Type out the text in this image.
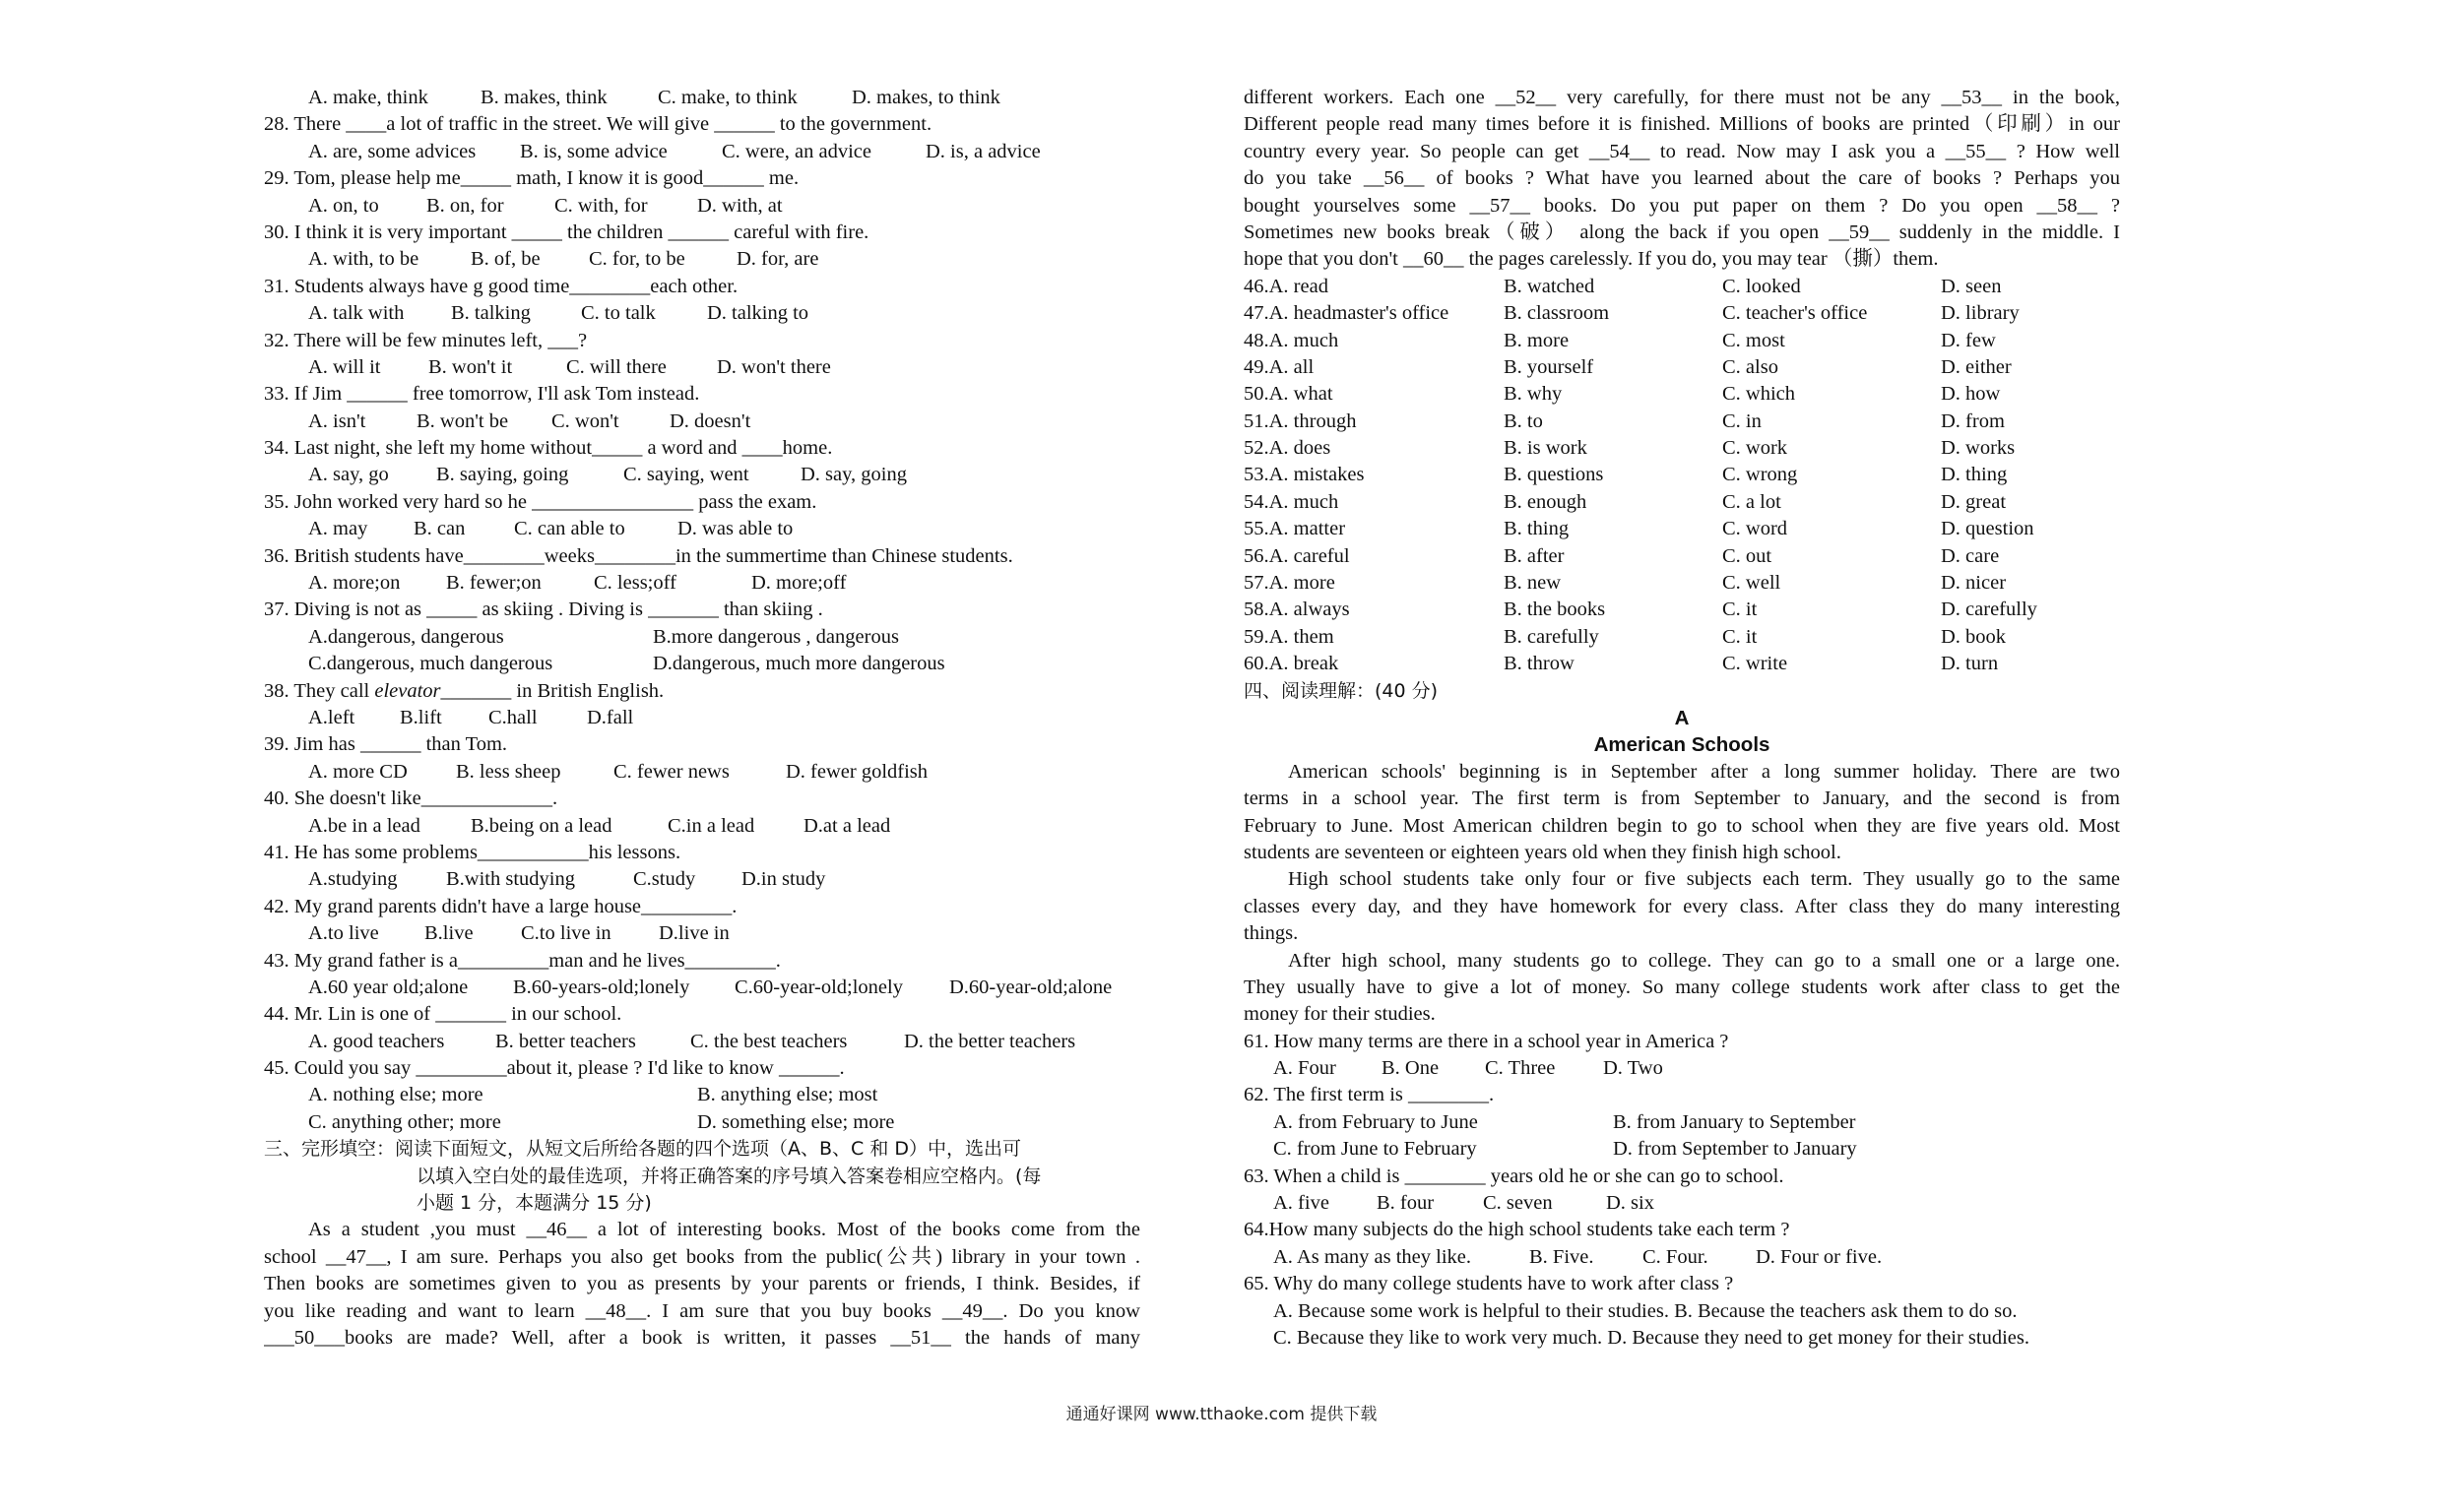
A. make, think	B. makes, think	C. make, to think	D. makes, to think
28. There ____a lot of traffic in the street. We will give ______ to the government.
A. are, some advices	B. is, some advice	C. were, an advice	D. is, a advice
29. Tom, please help me_____ math, I know it is good______ me.
A. on, to	B. on, for	C. with, for	D. with, at
30. I think it is very important _____ the children ______ careful with fire.
A. with, to be	B. of, be	C. for, to be	D. for, are
31. Students always have g good time________each other.
A. talk with	B. talking	C. to talk	D. talking to
32. There will be few minutes left, ___?
A. will it	B. won't it	C. will there	D. won't there
33. If Jim ______ free tomorrow, I'll ask Tom instead.
A. isn't	B. won't be	C. won't	D. doesn't
34. Last night, she left my home without_____ a word and ____home.
A. say, go	B. saying, going	C. saying, went	D. say, going
35. John worked very hard so he ________________ pass the exam.
A. may	B. can	C. can able to	D. was able to
36. British students have________weeks________in the summertime than Chinese students.
A. more;on	B. fewer;on	C. less;off	D. more;off
37. Diving is not as _____ as skiing . Diving is _______ than skiing .
A.dangerous, dangerous	B.more dangerous , dangerous
C.dangerous, much dangerous	D.dangerous, much more dangerous
38. They call elevator_______ in British English.
A.left	B.lift	C.hall	D.fall
39. Jim has ______ than Tom.
A. more CD	B. less sheep	C. fewer news	D. fewer goldfish
40. She doesn't like_____________.
A.be in a lead	B.being on a lead	C.in a lead	D.at a lead
41. He has some problems___________his lessons.
A.studying	B.with studying	C.study	D.in study
42. My grand parents didn't have a large house_________.
A.to live	B.live	C.to live in	D.live in
43. My grand father is a_________man and he lives_________.
A.60 year old;alone	B.60-years-old;lonely	C.60-year-old;lonely	D.60-year-old;alone
44. Mr. Lin is one of _______ in our school.
A. good teachers	B. better teachers	C. the best teachers	D. the better teachers
45. Could you say _________about it, please ? I'd like to know ______.
A. nothing else; more	B. anything else; most
C. anything other; more	D. something else; more
三、完形填空：阅读下面短文，从短文后所给各题的四个选项（A、B、C 和 D）中，选出可
以填入空白处的最佳选项，并将正确答案的序号填入答案卷相应空格内。(每
小题 1 分，本题满分 15 分)
As a student ,you must __46__ a lot of interesting books. Most of the books come from the
school __47__, I am sure. Perhaps you also get books from the public(公共) library in your town .
Then books are sometimes given to you as presents by your parents or friends, I think. Besides, if
you like reading and want to learn __48__. I am sure that you buy books __49__. Do you know
___50___books are made? Well, after a book is written, it passes __51__ the hands of many
different workers. Each one __52__ very carefully, for there must not be any __53__ in the book,
Different people read many times before it is finished. Millions of books are printed（印刷）in our
country every year. So people can get __54__ to read. Now may I ask you a __55__ ? How well
do you take __56__ of books ? What have you learned about the care of books ? Perhaps you
bought yourselves some __57__ books. Do you put paper on them ? Do you open __58__ ?
Sometimes new books break（破） along the back if you open __59__ suddenly in the middle. I
hope that you don't __60__ the pages carelessly. If you do, you may tear （撕）them.
46.A. read	B. watched	C. looked	D. seen
47.A. headmaster's office	B. classroom	C. teacher's office	D. library
48.A. much	B. more	C. most	D. few
49.A. all	B. yourself	C. also	D. either
50.A. what	B. why	C. which	D. how
51.A. through	B. to	C. in	D. from
52.A. does	B. is work	C. work	D. works
53.A. mistakes	B. questions	C. wrong	D. thing
54.A. much	B. enough	C. a lot	D. great
55.A. matter	B. thing	C. word	D. question
56.A. careful	B. after	C. out	D. care
57.A. more	B. new	C. well	D. nicer
58.A. always	B. the books	C. it	D. carefully
59.A. them	B. carefully	C. it	D. book
60.A. break	B. throw	C. write	D. turn
四、阅读理解：(40 分)
A
American Schools
American schools' beginning is in September after a long summer holiday. There are two
terms in a school year. The first term is from September to January, and the second is from
February to June. Most American children begin to go to school when they are five years old. Most
students are seventeen or eighteen years old when they finish high school.
High school students take only four or five subjects each term. They usually go to the same
classes every day, and they have homework for every class. After class they do many interesting
things.
After high school, many students go to college. They can go to a small one or a large one.
They usually have to give a lot of money. So many college students work after class to get the
money for their studies.
61. How many terms are there in a school year in America ?
A. Four	B. One	C. Three	D. Two
62. The first term is ________.
A. from February to June	B. from January to September
C. from June to February	D. from September to January
63. When a child is ________ years old he or she can go to school.
A. five	B. four	C. seven	D. six
64.How many subjects do the high school students take each term ?
A. As many as they like.	B. Five.	C. Four.	D. Four or five.
65. Why do many college students have to work after class ?
A. Because some work is helpful to their studies. B. Because the teachers ask them to do so.
C. Because they like to work very much. D. Because they need to get money for their studies.
通通好课网 www.tthaoke.com 提供下载
